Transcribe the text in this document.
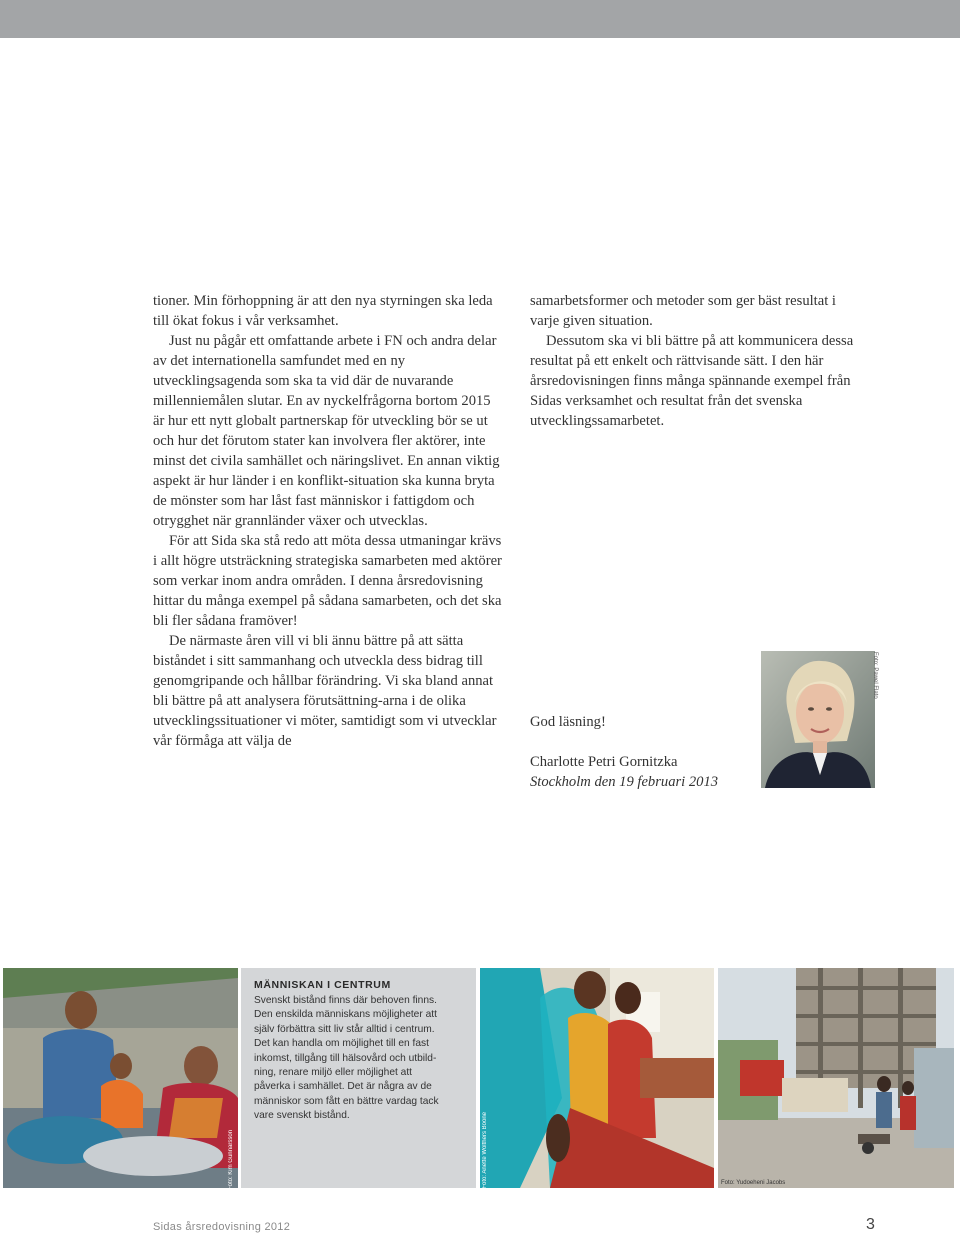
tioner. Min förhoppning är att den nya styrningen ska leda till ökat fokus i vår verksamhet.

Just nu pågår ett omfattande arbete i FN och andra delar av det internationella samfundet med en ny utvecklingsagenda som ska ta vid där de nuvarande millenniemålen slutar. En av nyckelfrågorna bortom 2015 är hur ett nytt globalt partnerskap för utveckling bör se ut och hur det förutom stater kan involvera fler aktörer, inte minst det civila samhället och näringslivet. En annan viktig aspekt är hur länder i en konflikt-situation ska kunna bryta de mönster som har låst fast människor i fattigdom och otrygghet när grannländer växer och utvecklas.

För att Sida ska stå redo att möta dessa utmaningar krävs i allt högre utsträckning strategiska samarbeten med aktörer som verkar inom andra områden. I denna årsredovisning hittar du många exempel på sådana samarbeten, och det ska bli fler sådana framöver!

De närmaste åren vill vi bli ännu bättre på att sätta biståndet i sitt sammanhang och utveckla dess bidrag till genomgripande och hållbar förändring. Vi ska bland annat bli bättre på att analysera förutsättning-arna i de olika utvecklingssituationer vi möter, samtidigt som vi utvecklar vår förmåga att välja de

samarbetsformer och metoder som ger bäst resultat i varje given situation.

Dessutom ska vi bli bättre på att kommunicera dessa resultat på ett enkelt och rättvisande sätt. I den här årsredovisningen finns många spännande exempel från Sidas verksamhet och resultat från det svenska utvecklingssamarbetet.

God läsning!
Charlotte Petri Gornitzka
Stockholm den 19 februari 2013
Foto: Pawel Flato
MÄNNISKAN I CENTRUM
Svenskt bistånd finns där behoven finns.
Den enskilda människans möjligheter att
själv förbättra sitt liv står alltid i centrum.
Det kan handla om möjlighet till en fast
inkomst, tillgång till hälsovård och utbild-
ning, renare miljö eller möjlighet att
påverka i samhället. Det är några av de
människor som fått en bättre vardag tack
vare svenskt bistånd.
Foto: Kim Gunnarsson	Foto: Anette Wolthers Boone	Foto: Yudoeheni Jacobs
Sidas årsredovisning 2012	3
